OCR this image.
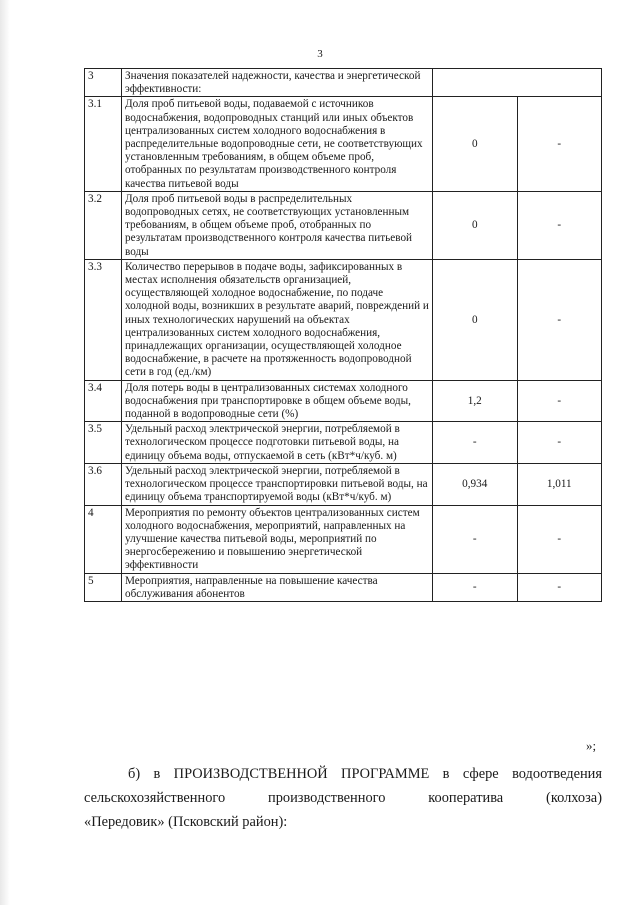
3
3	Значения показателей надежности, качества и энергетической эффективности:		
3.1	Доля проб питьевой воды, подаваемой с источников водоснабжения, водопроводных станций или иных объектов централизованных систем холодного водоснабжения в распределительные водопроводные сети, не соответствующих установленным требованиям, в общем объеме проб, отобранных по результатам производственного контроля качества питьевой воды	0	-
3.2	Доля проб питьевой воды в распределительных водопроводных сетях, не соответствующих установленным требованиям, в общем объеме проб, отобранных по результатам производственного контроля качества питьевой воды	0	-
3.3	Количество перерывов в подаче воды, зафиксированных в местах исполнения обязательств организацией, осуществляющей холодное водоснабжение, по подаче холодной воды, возникших в результате аварий, повреждений и иных технологических нарушений на объектах централизованных систем холодного водоснабжения, принадлежащих организации, осуществляющей холодное водоснабжение, в расчете на протяженность водопроводной сети в год (ед./км)	0	-
3.4	Доля потерь воды в централизованных системах холодного водоснабжения при транспортировке в общем объеме воды, поданной в водопроводные сети (%)	1,2	-
3.5	Удельный расход электрической энергии, потребляемой в технологическом процессе подготовки питьевой воды, на единицу объема воды, отпускаемой в сеть (кВт*ч/куб. м)	-	-
3.6	Удельный расход электрической энергии, потребляемой в технологическом процессе транспортировки питьевой воды, на единицу объема транспортируемой воды (кВт*ч/куб. м)	0,934	1,011
4	Мероприятия по ремонту объектов централизованных систем холодного водоснабжения, мероприятий, направленных на улучшение качества питьевой воды, мероприятий по энергосбережению и повышению энергетической эффективности	-	-
5	Мероприятия, направленные на повышение качества обслуживания абонентов	-	-
»;
б) в ПРОИЗВОДСТВЕННОЙ ПРОГРАММЕ в сфере водоотведения
сельскохозяйственного производственного кооператива (колхоза)
«Передовик» (Псковский район):
